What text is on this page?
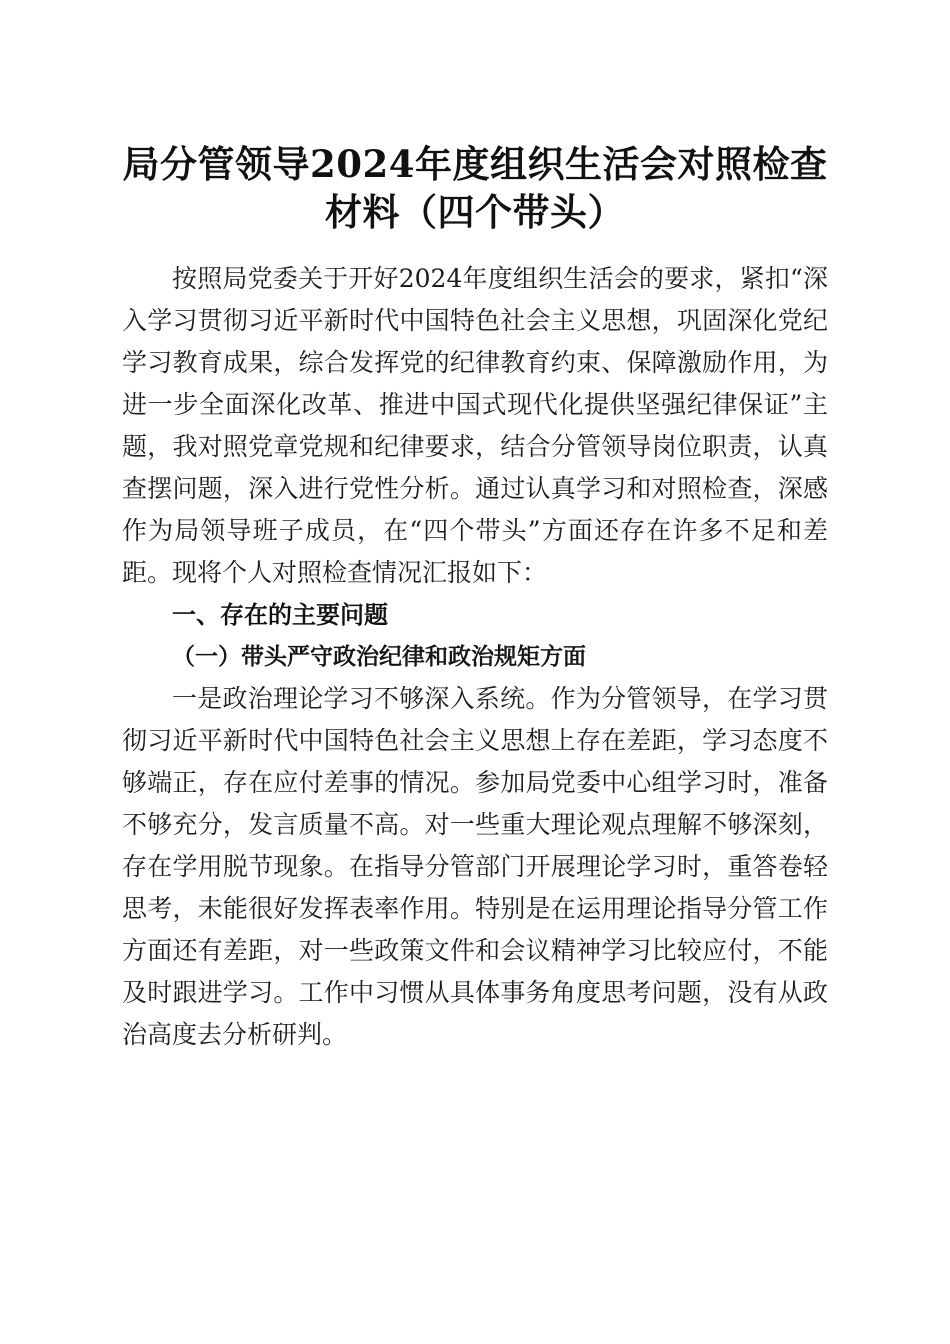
局分管领导2024年度组织生活会对照检查材料（四个带头）

按照局党委关于开好2024年度组织生活会的要求，紧扣“深入学习贯彻习近平新时代中国特色社会主义思想，巩固深化党纪学习教育成果，综合发挥党的纪律教育约束、保障激励作用，为进一步全面深化改革、推进中国式现代化提供坚强纪律保证”主题，我对照党章党规和纪律要求，结合分管领导岗位职责，认真查摆问题，深入进行党性分析。通过认真学习和对照检查，深感作为局领导班子成员，在“四个带头”方面还存在许多不足和差距。现将个人对照检查情况汇报如下：

一、存在的主要问题

（一）带头严守政治纪律和政治规矩方面

一是政治理论学习不够深入系统。作为分管领导，在学习贯彻习近平新时代中国特色社会主义思想上存在差距，学习态度不够端正，存在应付差事的情况。参加局党委中心组学习时，准备不够充分，发言质量不高。对一些重大理论观点理解不够深刻，存在学用脱节现象。在指导分管部门开展理论学习时，重答卷轻思考，未能很好发挥表率作用。特别是在运用理论指导分管工作方面还有差距，对一些政策文件和会议精神学习比较应付，不能及时跟进学习。工作中习惯从具体事务角度思考问题，没有从政治高度去分析研判。
